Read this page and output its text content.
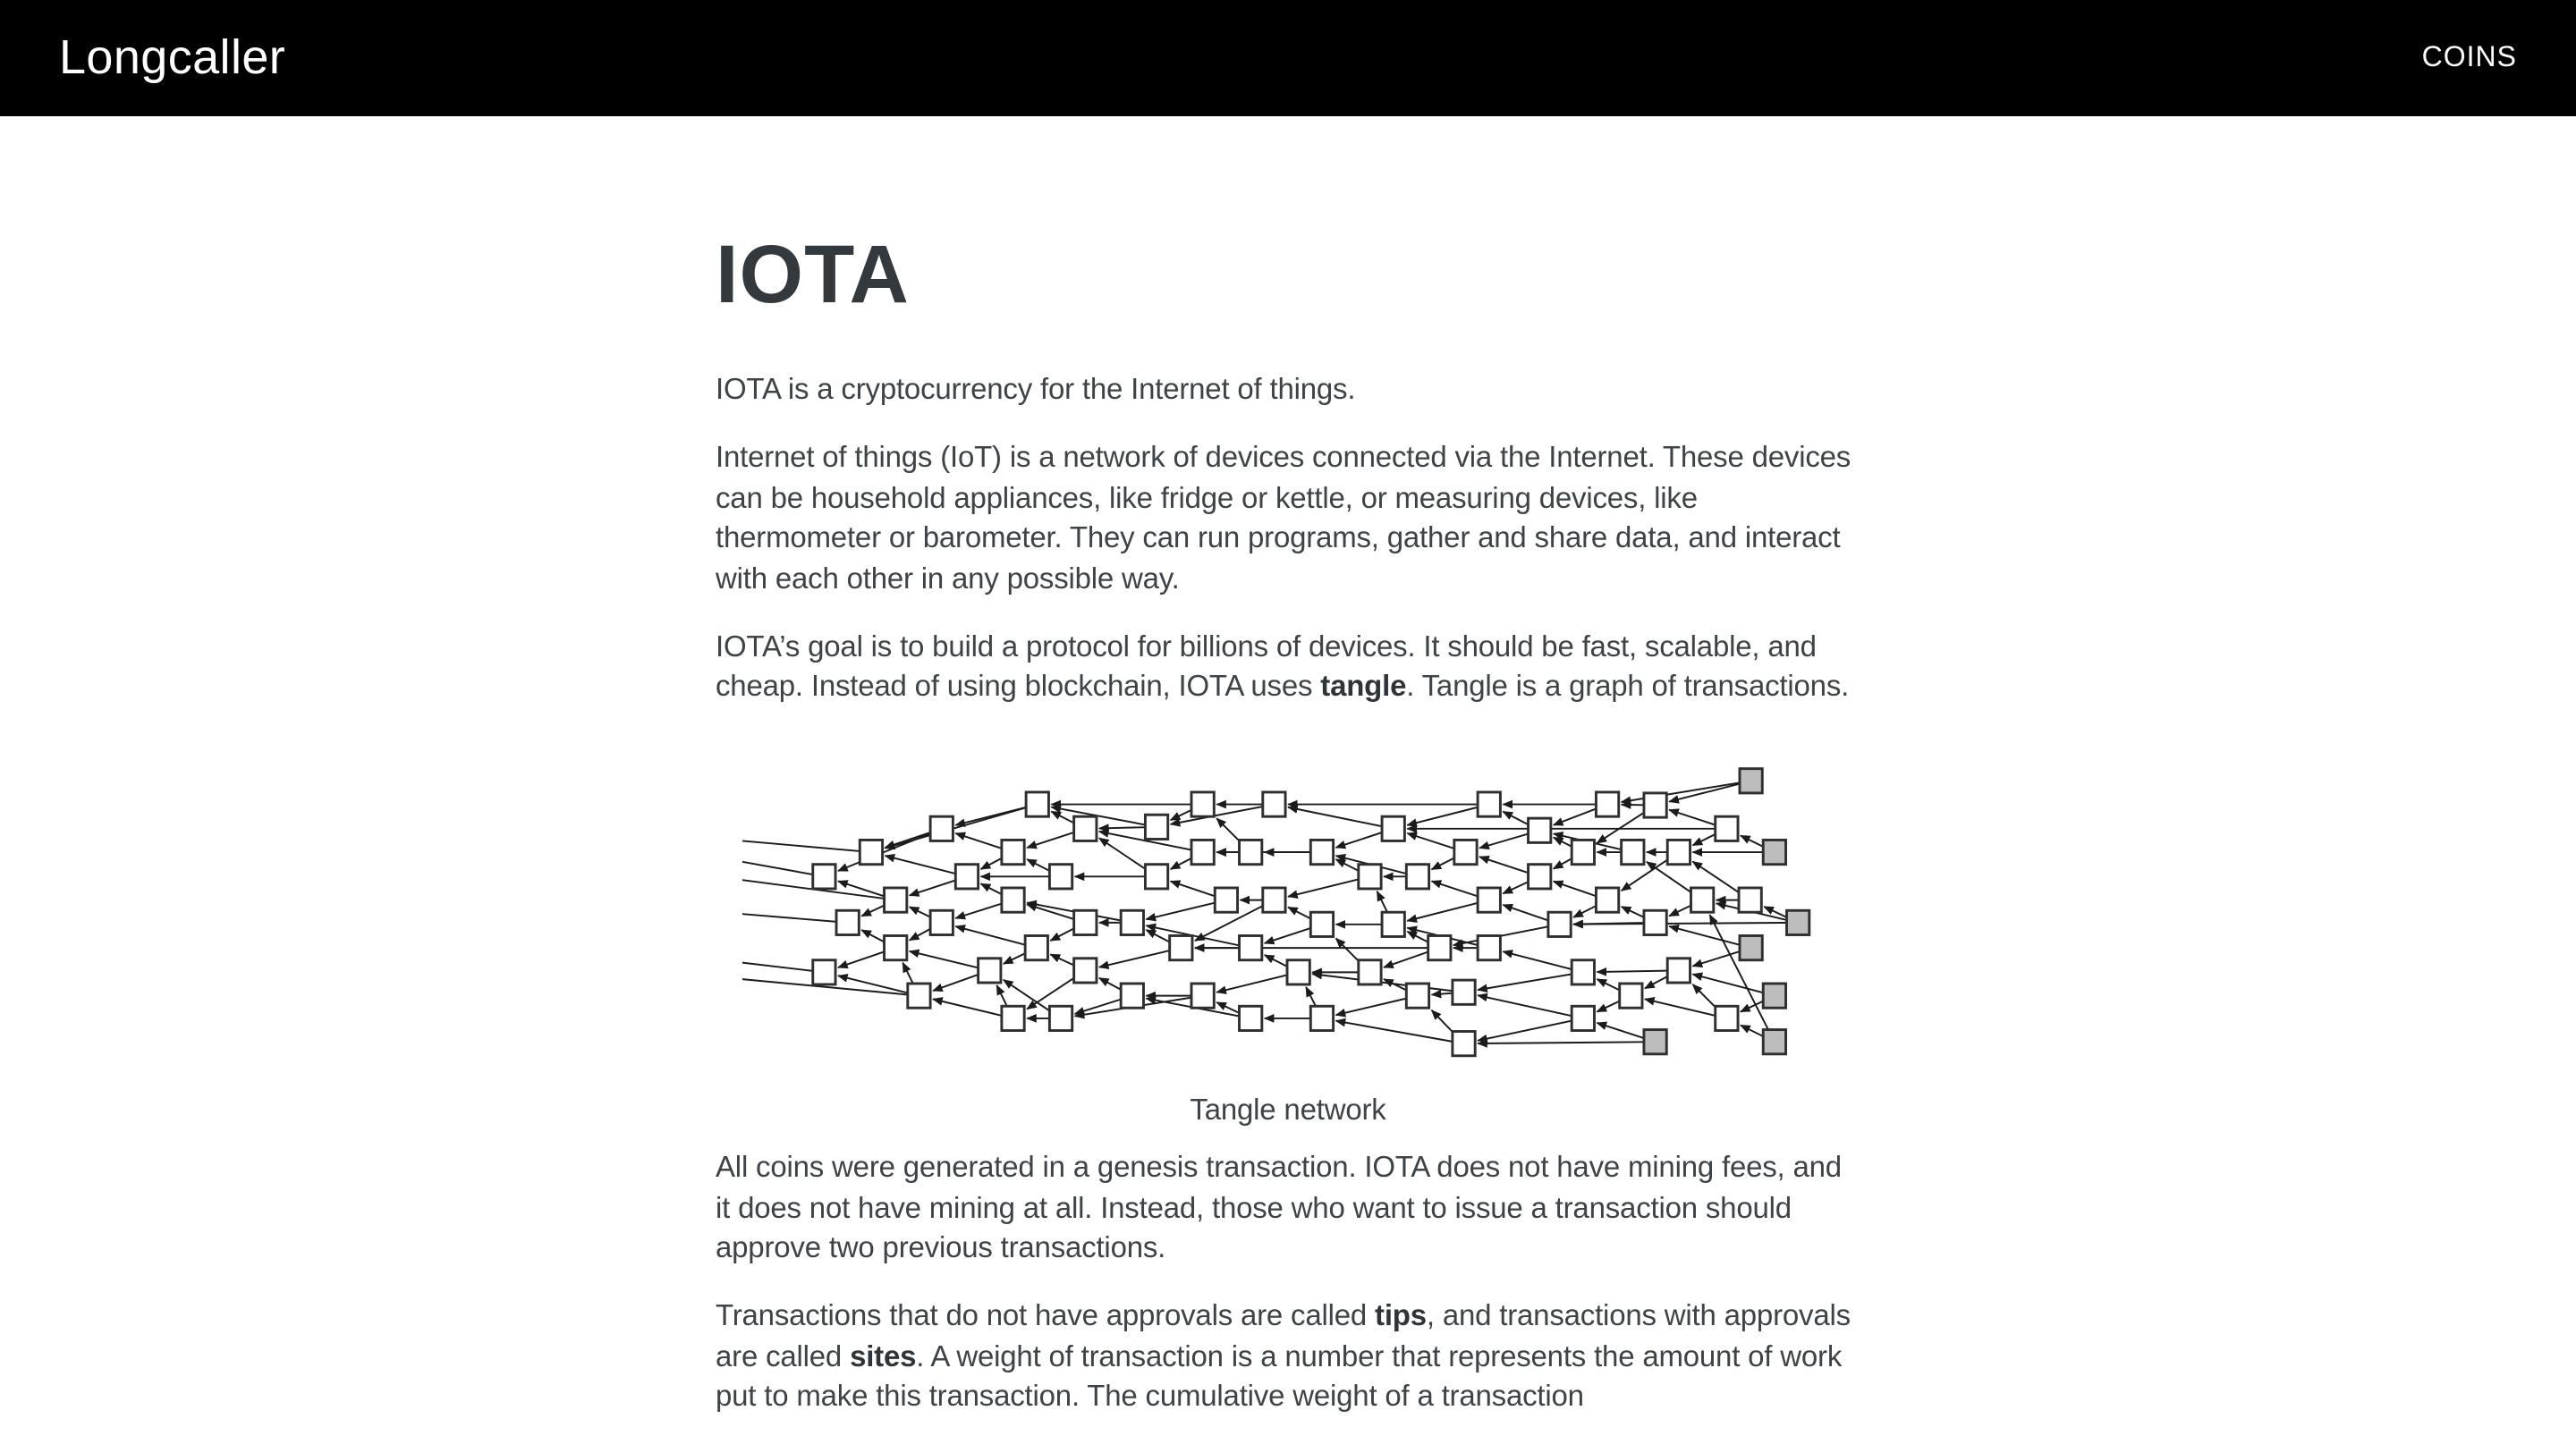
Longcaller	COINS
IOTA

IOTA is a cryptocurrency for the Internet of things.

Internet of things (IoT) is a network of devices connected via the Internet. These devices can be household appliances, like fridge or kettle, or measuring devices, like thermometer or barometer. They can run programs, gather and share data, and interact with each other in any possible way.

IOTA’s goal is to build a protocol for billions of devices. It should be fast, scalable, and cheap. Instead of using blockchain, IOTA uses tangle. Tangle is a graph of transactions.

Tangle network

All coins were generated in a genesis transaction. IOTA does not have mining fees, and it does not have mining at all. Instead, those who want to issue a transaction should approve two previous transactions.

Transactions that do not have approvals are called tips, and transactions with approvals are called sites. A weight of transaction is a number that represents the amount of work put to make this transaction. The cumulative weight of a transaction
